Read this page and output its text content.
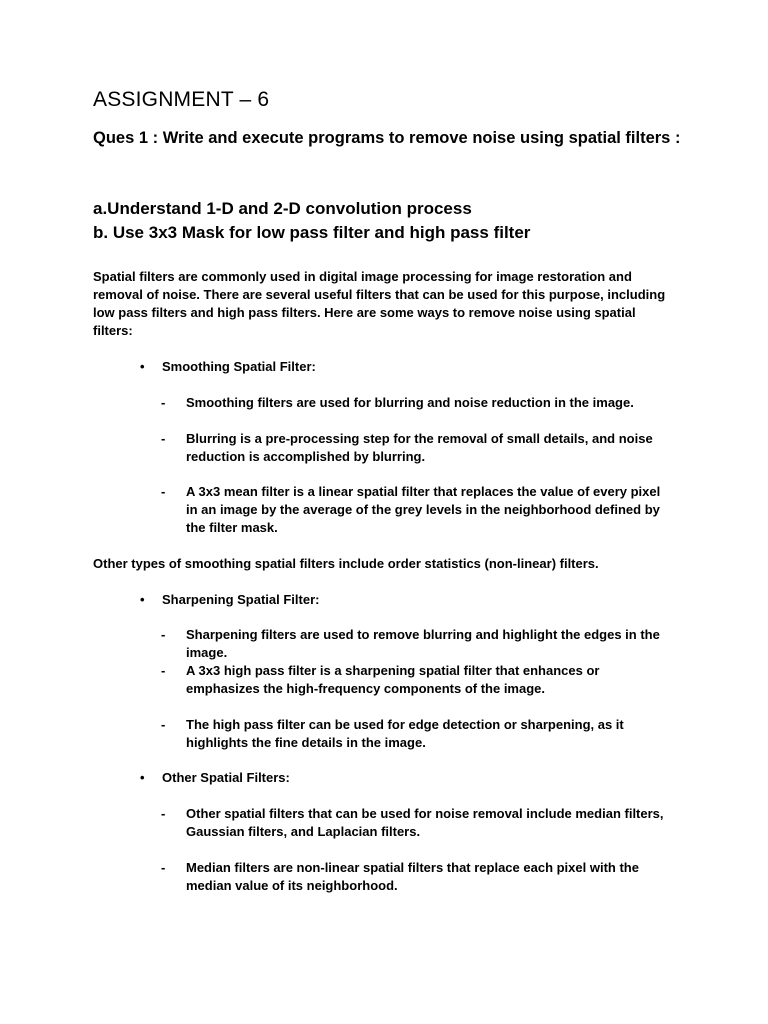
ASSIGNMENT – 6

Ques 1 : Write and execute programs to remove noise using spatial filters :

a.Understand 1-D and 2-D convolution process

b. Use 3x3 Mask for low pass filter and high pass filter

Spatial filters are commonly used in digital image processing for image restoration and removal of noise. There are several useful filters that can be used for this purpose, including low pass filters and high pass filters. Here are some ways to remove noise using spatial filters:

• Smoothing Spatial Filter:
- Smoothing filters are used for blurring and noise reduction in the image.
- Blurring is a pre-processing step for the removal of small details, and noise reduction is accomplished by blurring.
- A 3x3 mean filter is a linear spatial filter that replaces the value of every pixel in an image by the average of the grey levels in the neighborhood defined by the filter mask.

Other types of smoothing spatial filters include order statistics (non-linear) filters.

• Sharpening Spatial Filter:
- Sharpening filters are used to remove blurring and highlight the edges in the image.
- A 3x3 high pass filter is a sharpening spatial filter that enhances or emphasizes the high-frequency components of the image.
- The high pass filter can be used for edge detection or sharpening, as it highlights the fine details in the image.
• Other Spatial Filters:
- Other spatial filters that can be used for noise removal include median filters, Gaussian filters, and Laplacian filters.
- Median filters are non-linear spatial filters that replace each pixel with the median value of its neighborhood.
